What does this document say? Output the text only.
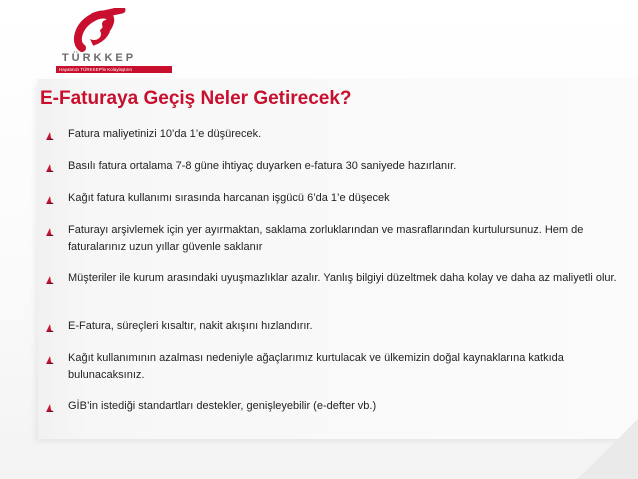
TÜRKKEP
Hayatınızı TÜRKKEP'le Kolaylaştırın
E-Faturaya Geçiş Neler Getirecek?
Fatura maliyetinizi 10’da 1’e düşürecek.
Basılı fatura ortalama 7-8 güne ihtiyaç duyarken e-fatura 30 saniyede hazırlanır.
Kağıt fatura kullanımı sırasında harcanan işgücü 6’da 1’e düşecek
Faturayı arşivlemek için yer ayırmaktan, saklama zorluklarından ve masraflarından kurtulursunuz. Hem de faturalarınız uzun yıllar güvenle saklanır
Müşteriler ile kurum arasındaki uyuşmazlıklar azalır. Yanlış bilgiyi düzeltmek daha kolay ve daha az maliyetli olur.
E-Fatura, süreçleri kısaltır, nakit akışını hızlandırır.
Kağıt kullanımının azalması nedeniyle ağaçlarımız kurtulacak ve ülkemizin doğal kaynaklarına katkıda bulunacaksınız.
GİB’in istediği standartları destekler, genişleyebilir (e-defter vb.)
